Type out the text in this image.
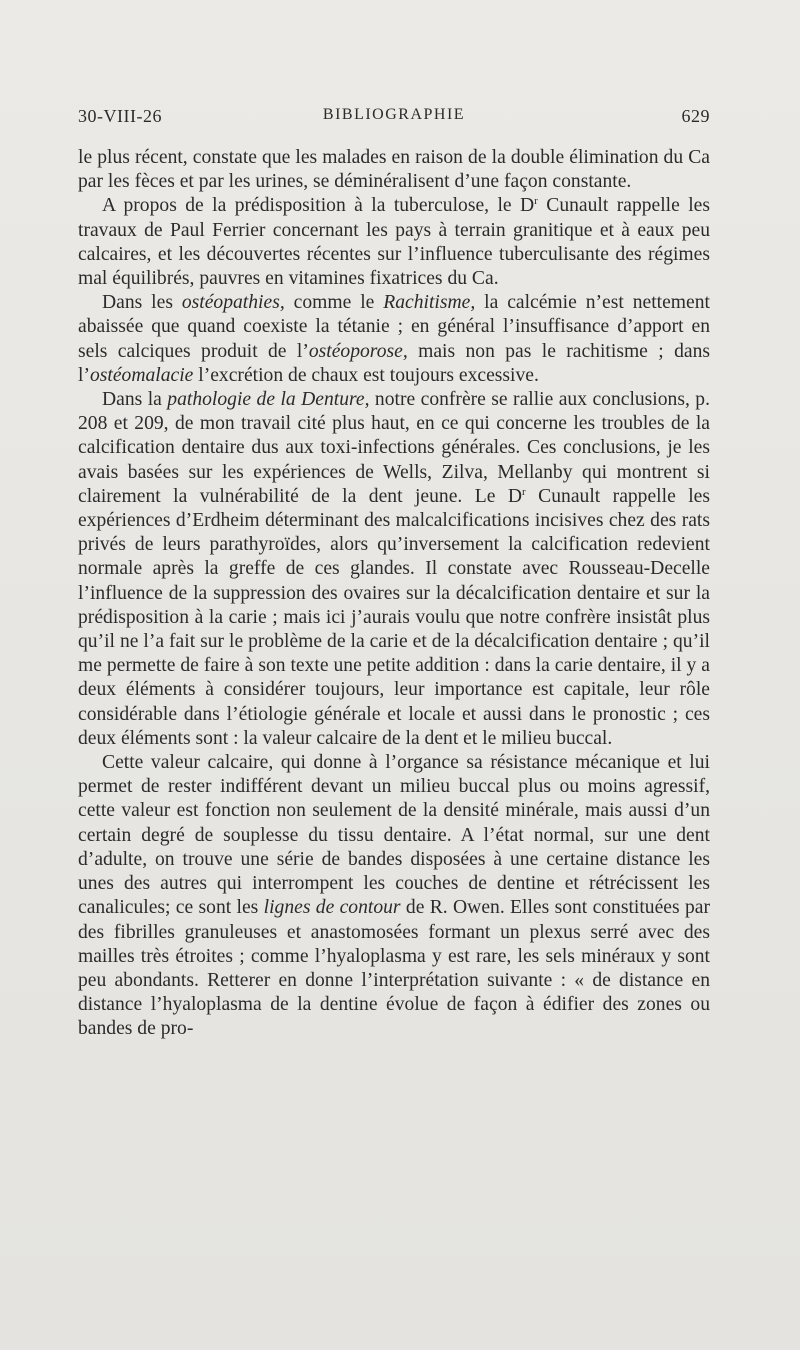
30-VIII-26	BIBLIOGRAPHIE	629

le plus récent, constate que les malades en raison de la double élimination du Ca par les fèces et par les urines, se déminéralisent d’une façon constante.

A propos de la prédisposition à la tuberculose, le $D^r$ Cunault rappelle les travaux de Paul Ferrier concernant les pays à terrain granitique et à eaux peu calcaires, et les découvertes récentes sur l’influence tuberculisante des régimes mal équilibrés, pauvres en vitamines fixatrices du Ca.

Dans les ostéopathies, comme le Rachitisme, la calcémie n’est nettement abaissée que quand coexiste la tétanie ; en général l’insuffisance d’apport en sels calciques produit de l’ostéoporose, mais non pas le rachitisme ; dans l’ostéomalacie l’excrétion de chaux est toujours excessive.

Dans la pathologie de la Denture, notre confrère se rallie aux conclusions, p. 208 et 209, de mon travail cité plus haut, en ce qui concerne les troubles de la calcification dentaire dus aux toxi-infections générales. Ces conclusions, je les avais basées sur les expériences de Wells, Zilva, Mellanby qui montrent si clairement la vulnérabilité de la dent jeune. Le $D^r$ Cunault rappelle les expériences d’Erdheim déterminant des malcalcifications incisives chez des rats privés de leurs parathyroïdes, alors qu’inversement la calcification redevient normale après la greffe de ces glandes. Il constate avec Rousseau-Decelle l’influence de la suppression des ovaires sur la décalcification dentaire et sur la prédisposition à la carie ; mais ici j’aurais voulu que notre confrère insistât plus qu’il ne l’a fait sur le problème de la carie et de la décalcification dentaire ; qu’il me permette de faire à son texte une petite addition : dans la carie dentaire, il y a deux éléments à considérer toujours, leur importance est capitale, leur rôle considérable dans l’étiologie générale et locale et aussi dans le pronostic ; ces deux éléments sont : la valeur calcaire de la dent et le milieu buccal.

Cette valeur calcaire, qui donne à l’organce sa résistance mécanique et lui permet de rester indifférent devant un milieu buccal plus ou moins agressif, cette valeur est fonction non seulement de la densité minérale, mais aussi d’un certain degré de souplesse du tissu dentaire. A l’état normal, sur une dent d’adulte, on trouve une série de bandes disposées à une certaine distance les unes des autres qui interrompent les couches de dentine et rétrécissent les canalicules; ce sont les lignes de contour de R. Owen. Elles sont constituées par des fibrilles granuleuses et anastomosées formant un plexus serré avec des mailles très étroites ; comme l’hyaloplasma y est rare, les sels minéraux y sont peu abondants. Retterer en donne l’interprétation suivante : « de distance en distance l’hyaloplasma de la dentine évolue de façon à édifier des zones ou bandes de pro-
